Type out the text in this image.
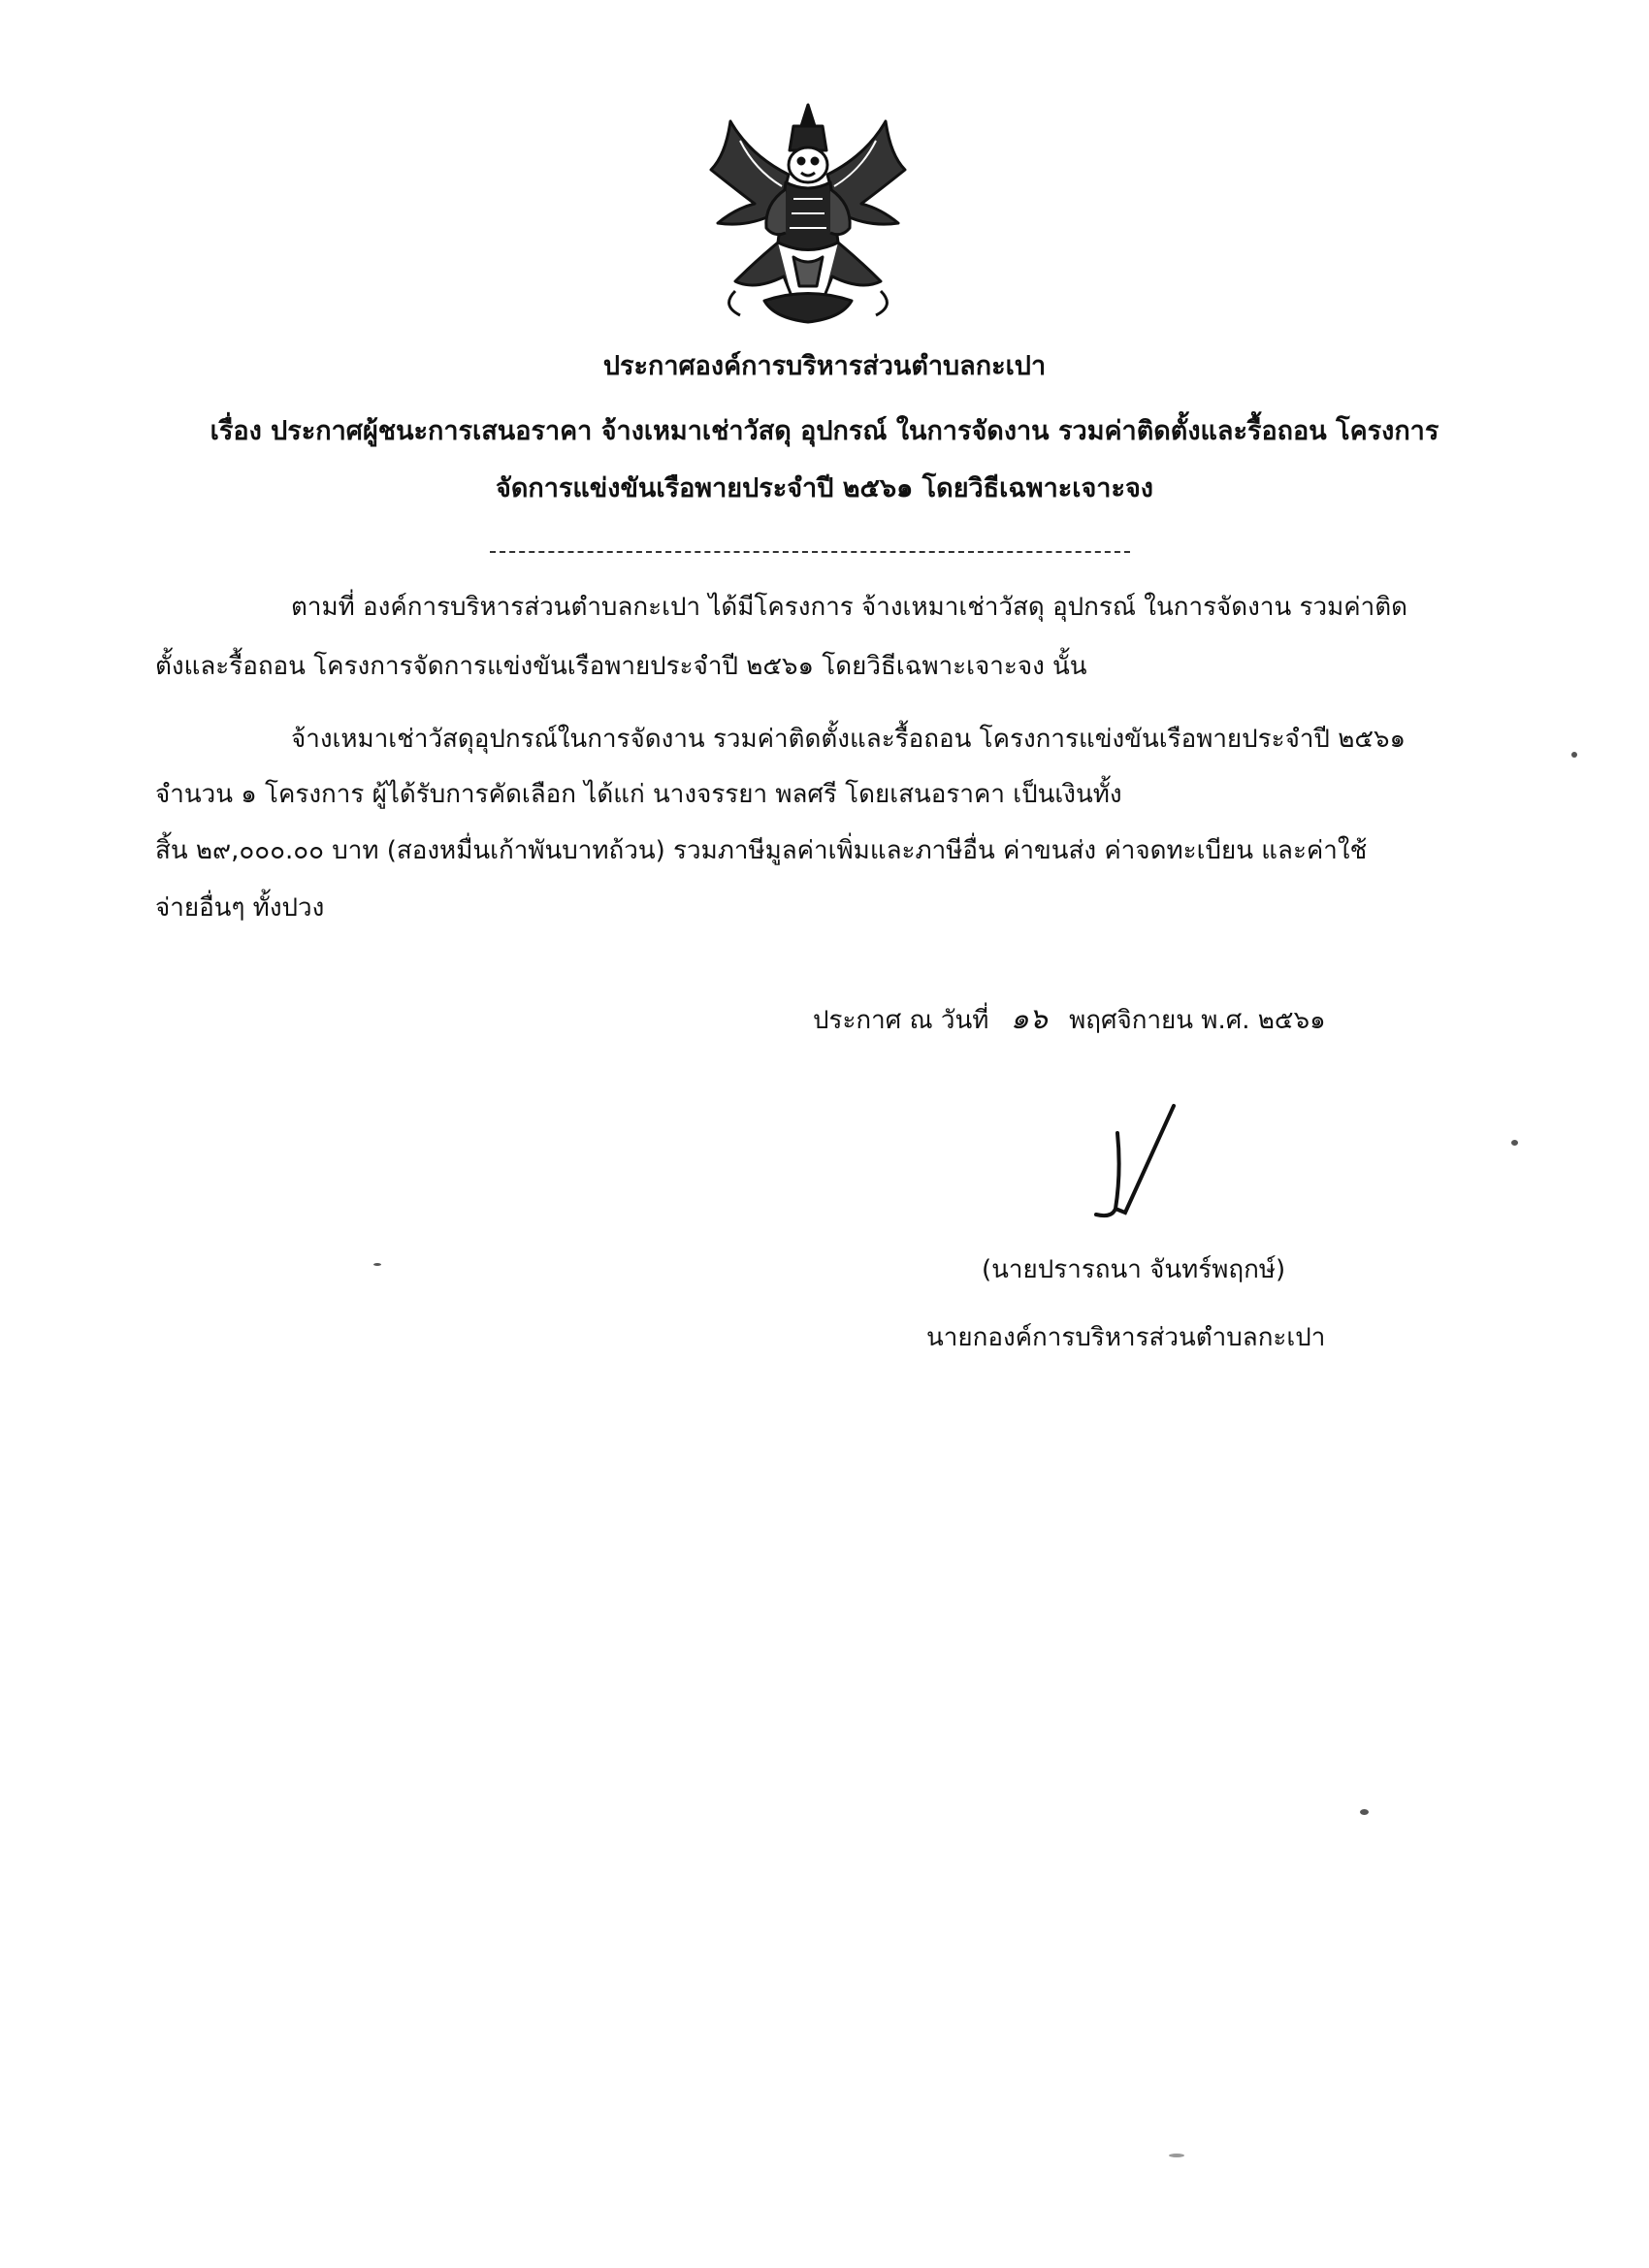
ประกาศองค์การบริหารส่วนตำบลกะเปา
เรื่อง ประกาศผู้ชนะการเสนอราคา จ้างเหมาเช่าวัสดุ อุปกรณ์ ในการจัดงาน รวมค่าติดตั้งและรื้อถอน โครงการ
จัดการแข่งขันเรือพายประจำปี ๒๕๖๑ โดยวิธีเฉพาะเจาะจง
ตามที่ องค์การบริหารส่วนตำบลกะเปา ได้มีโครงการ จ้างเหมาเช่าวัสดุ อุปกรณ์ ในการจัดงาน รวมค่าติด
ตั้งและรื้อถอน โครงการจัดการแข่งขันเรือพายประจำปี ๒๕๖๑ โดยวิธีเฉพาะเจาะจง นั้น
จ้างเหมาเช่าวัสดุอุปกรณ์ในการจัดงาน รวมค่าติดตั้งและรื้อถอน โครงการแข่งขันเรือพายประจำปี ๒๕๖๑
จำนวน ๑ โครงการ ผู้ได้รับการคัดเลือก ได้แก่ นางจรรยา พลศรี โดยเสนอราคา เป็นเงินทั้ง
สิ้น ๒๙,๐๐๐.๐๐ บาท (สองหมื่นเก้าพันบาทถ้วน) รวมภาษีมูลค่าเพิ่มและภาษีอื่น ค่าขนส่ง ค่าจดทะเบียน และค่าใช้
จ่ายอื่นๆ ทั้งปวง
ประกาศ ณ วันที่ ๑๖ พฤศจิกายน พ.ศ. ๒๕๖๑
(นายปรารถนา จันทร์พฤกษ์)
นายกองค์การบริหารส่วนตำบลกะเปา
